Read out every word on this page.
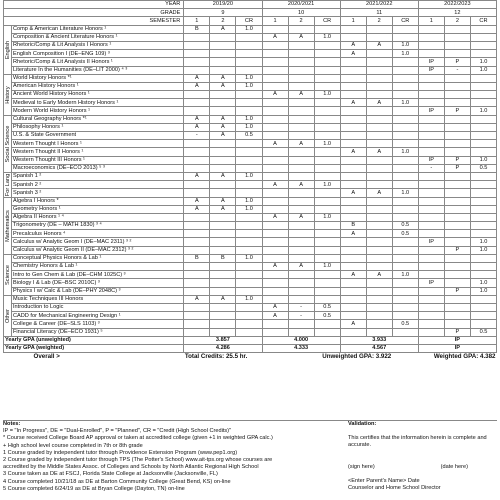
YEAR		2019/20			2020/2021			2021/2022			2022/2023		
GRADE		9			10			11			12		
SEMESTER		1	2	CR	1	2	CR	1	2	CR	1	2	CR

English	Comp & American Literature Honors ¹	B	A	1.0									
	Composition & Ancient Literature Honors ¹				A	A	1.0						
	Rhetoric/Comp & Lit Analysis I Honors ¹							A	A	1.0			
	English Composition I (DE–ENG 109) ³							A		1.0			
	Rhetoric/Comp & Lit Analysis II Honors ¹										IP	P	1.0
	Literature In the Humanities (DE–LIT 2000) ⁴ ³										IP	-	1.0

History	World History Honors *¹	A	A	1.0									
	American History Honors ¹	A	A	1.0									
	Ancient World History Honors ¹				A	A	1.0						
	Medieval to Early Modern History Honors ¹							A	A	1.0			
	Modern World History Honors ¹										IP	P	1.0

Social Science	Cultural Geography Honors *¹	A	A	1.0									
	Philosophy Honors ¹	A	A	1.0									
	U.S. & State Government	-	A	0.5									
	Western Thought I Honors ¹				A	A	1.0						
	Western Thought II Honors ¹							A	A	1.0			
	Western Thought III Honors ¹										IP	P	1.0
	Macroeconomics (DE–ECO 2013) ⁵ ³										-	P	0.5

For Lang	Spanish 1 ²	A	A	1.0									
	Spanish 2 ²				A	A	1.0						
	Spanish 3 ²							A	A	1.0			

Mathematics	Algebra I Honors *	A	A	1.0									
	Geometry Honors ¹	A	A	1.0									
	Algebra II Honors ¹ ⁴				A	A	1.0						
	Trigonometry (DE – MATH 1830) ³ ⁴							B		0.5			
	Precalculus Honors ⁴							A		0.5			
	Calculus w/ Analytic Geom I (DE–MAC 2311) ³ ²										IP		1.0
	Calculus w/ Analytic Geom II (DE–MAC 2312) ³ ²											P	1.0

Science	Conceptual Physics Honors & Lab ¹	B	B	1.0									
	Chemistry Honors & Lab ¹				A	A	1.0						
	Intro to Gen Chem & Lab (DE–CHM 1025C) ³							A	A	1.0			
	Biology I & Lab (DE–BSC 2010C) ³										IP		1.0
	Physics I w/ Calc & Lab (DE–PHY 2048C) ³											P	1.0

Other	Music Techniques III Honors	A	A	1.0									
	Introduction to Logic				A	-	0.5						
	CADD for Mechanical Engineering Design ¹				A	-	0.5						
	College & Career (DE–SLS 1103) ³							A		0.5			
	Financial Literacy (DE–ECO 1931) ⁵											P	0.5
Yearly GPA (unweighted)		3.857			4.000			3.933			IP		
Yearly GPA (weighted)		4.286			4.333			4.567			IP		
Overall >		Total Credits: 25.5 hr.				Unweighted GPA: 3.922				Weighted GPA: 4.382			
Notes:
IP = "In Progress", DE = "Dual-Enrolled", P = "Planned", CR = "Credit (High School Credits)"
* Course received College Board AP approval or taken at accredited college (given +1 in weighted GPA calc.)
+ High school level course completed in 7th or 8th grade
1 Course graded by independent tutor through Providence Extension Program (www.pep1.org)
2 Course graded by independent tutor through TPS (The Potter's School) www.ait-tps.org whose courses are
accredited by the Middle States Assoc. of Colleges and Schools by North Atlantic Regional High School
3 Course taken as DE at FSCJ, Florida State College at Jacksonville (Jacksonville, FL)
4 Course completed 10/21/18 as DE at Barton Community College (Great Bend, KS) on-line
5 Course completed 6/24/19 as DE at Bryan College (Dayton, TN) on-line
Validation:
This certifies that the information herein is complete and accurate.
(sign here)	(date here)
<Enter Parent's Name> Date
Counselor and Home School Director
